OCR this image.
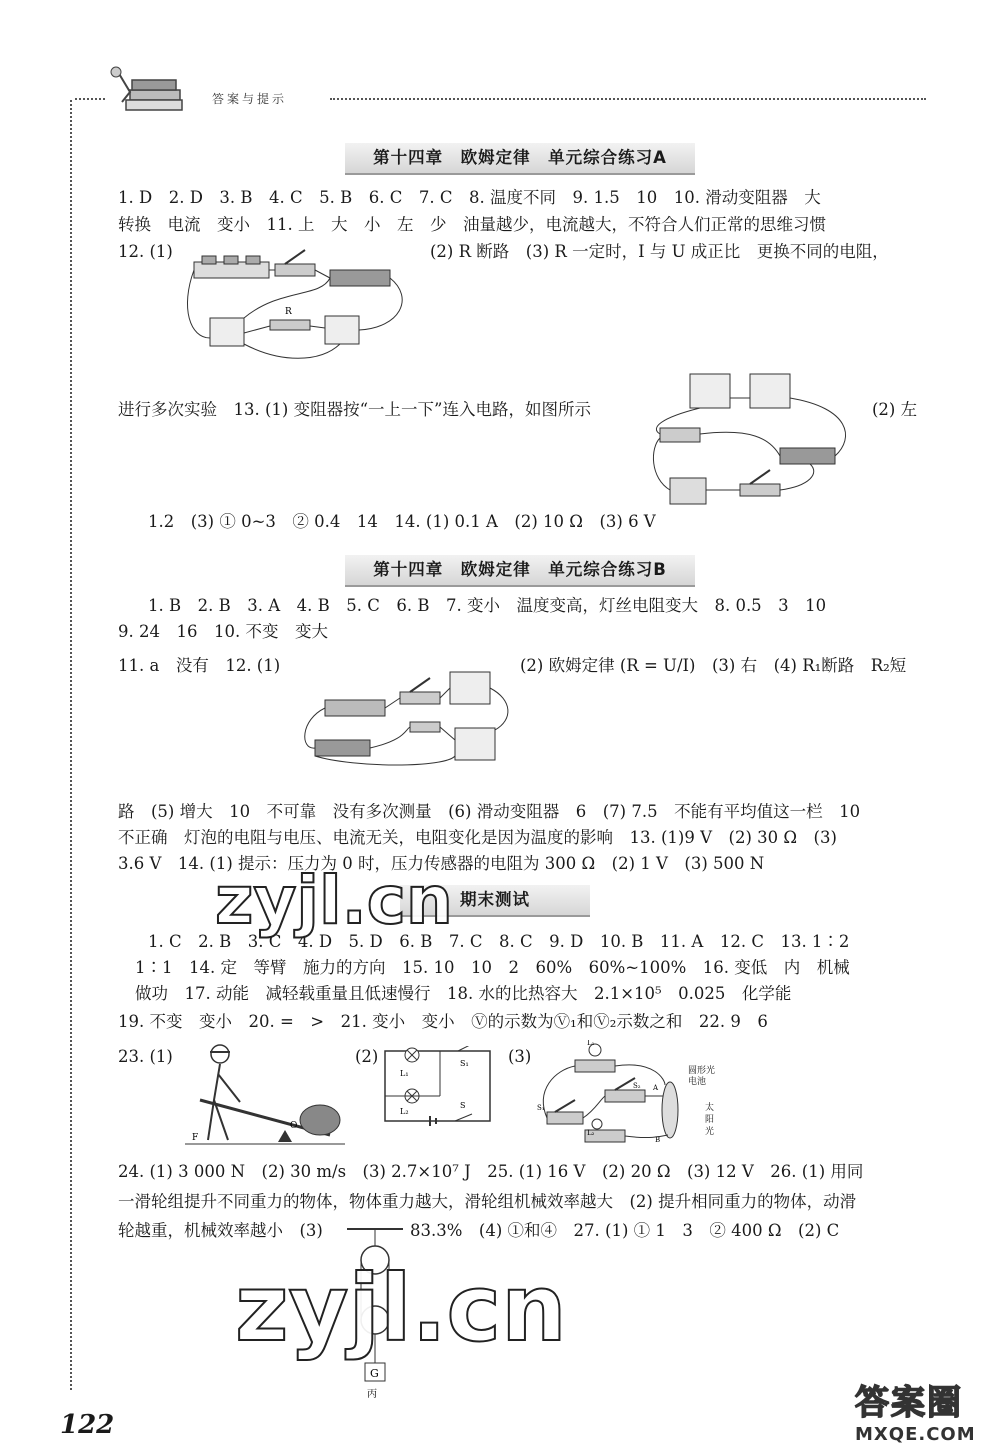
答案与提示
第十四章　欧姆定律　单元综合练习A
1. D　2. D　3. B　4. C　5. B　6. C　7. C　8. 温度不同　9. 1.5　10　10. 滑动变阻器　大
转换　电流　变小　11. 上　大　小　左　少　油量越少，电流越大，不符合人们正常的思维习惯
12. (1)	(2) R 断路　(3) R 一定时，I 与 U 成正比　更换不同的电阻，
R
进行多次实验　13. (1) 变阻器按“一上一下”连入电路，如图所示	(2) 左
1.2　(3) ① 0~3　② 0.4　14　14. (1) 0.1 A　(2) 10 Ω　(3) 6 V
第十四章　欧姆定律　单元综合练习B
1. B　2. B　3. A　4. B　5. C　6. B　7. 变小　温度变高，灯丝电阻变大　8. 0.5　3　10
9. 24　16　10. 不变　变大
11. a　没有　12. (1)	(2) 欧姆定律 (R = U/I)　(3) 右　(4) R₁断路　R₂短
路　(5) 增大　10　不可靠　没有多次测量　(6) 滑动变阻器　6　(7) 7.5　不能有平均值这一栏　10
不正确　灯泡的电阻与电压、电流无关，电阻变化是因为温度的影响　13. (1)9 V　(2) 30 Ω　(3)
3.6 V　14. (1) 提示：压力为 0 时，压力传感器的电阻为 300 Ω　(2) 1 V　(3) 500 N
期末测试
1. C　2. B　3. C　4. D　5. D　6. B　7. C　8. C　9. D　10. B　11. A　12. C　13. 1∶2
1∶1　14. 定　等臂　施力的方向　15. 10　10　2　60%　60%~100%　16. 变低　内　机械
做功　17. 动能　减轻载重量且低速慢行　18. 水的比热容大　2.1×10⁵　0.025　化学能
19. 不变　变小　20. =　>　21. 变小　变小　Ⓥ的示数为Ⓥ₁和Ⓥ₂示数之和　22. 9　6
23. (1)	(2)	(3)
O
F
L₁
L₂
S₁
S
L₁
L₂
S₁
S₂ A
B
圆形光电池
太阳光
24. (1) 3 000 N　(2) 30 m/s　(3) 2.7×10⁷ J　25. (1) 16 V　(2) 20 Ω　(3) 12 V　26. (1) 用同
一滑轮组提升不同重力的物体，物体重力越大，滑轮组机械效率越大　(2) 提升相同重力的物体，动滑
轮越重，机械效率越小　(3)	83.3%　(4) ①和④　27. (1) ① 1　3　② 400 Ω　(2) C
G
丙
zyjl.cn
zyjl.cn
答案圈
MXQE.COM
122
